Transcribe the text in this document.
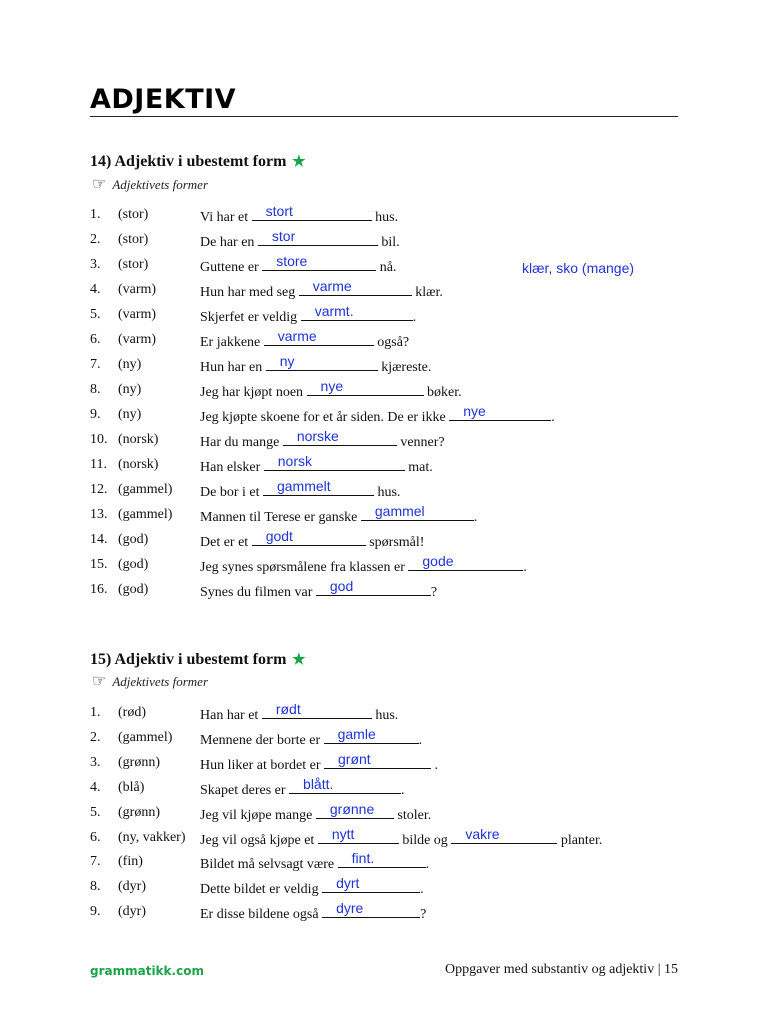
ADJEKTIV
klær, sko (mange)
14) Adjektiv i ubestemt form ★
☞ Adjektivets former
1.	(stor)	Vi har et stort	hus.
2.	(stor)	De har en stor	bil.
3.	(stor)	Guttene er store	nå.
4.	(varm)	Hun har med seg varme	klær.
5.	(varm)	Skjerfet er veldig varmt.	.
6.	(varm)	Er jakkene varme	også?
7.	(ny)	Hun har en ny	kjæreste.
8.	(ny)	Jeg har kjøpt noen nye	bøker.
9.	(ny)	Jeg kjøpte skoene for et år siden. De er ikke nye	.
10. (norsk)	Har du mange norske	venner?
11. (norsk)	Han elsker norsk	mat.
12. (gammel) De bor i et gammelt	hus.
13. (gammel) Mannen til Terese er ganske gammel	.
14. (god)	Det er et godt	spørsmål!
15. (god)	Jeg synes spørsmålene fra klassen er gode	.
16. (god)	Synes du filmen var god	?
15) Adjektiv i ubestemt form ★
☞ Adjektivets former
1.	(rød)	Han har et rødt	hus.
2.	(gammel) Mennene der borte er gamle	.
3.	(grønn)	Hun liker at bordet er grønt	.
4.	(blå)	Skapet deres er blått.	.
5.	(grønn)	Jeg vil kjøpe mange grønne stoler.
6.	(ny, vakker) Jeg vil også kjøpe et nytt	bilde og vakre	planter.
7.	(fin)	Bildet må selvsagt være fint.	.
8.	(dyr)	Dette bildet er veldig dyrt	.
9.	(dyr)	Er disse bildene også dyre	?
grammatikk.com	Oppgaver med substantiv og adjektiv | 15
